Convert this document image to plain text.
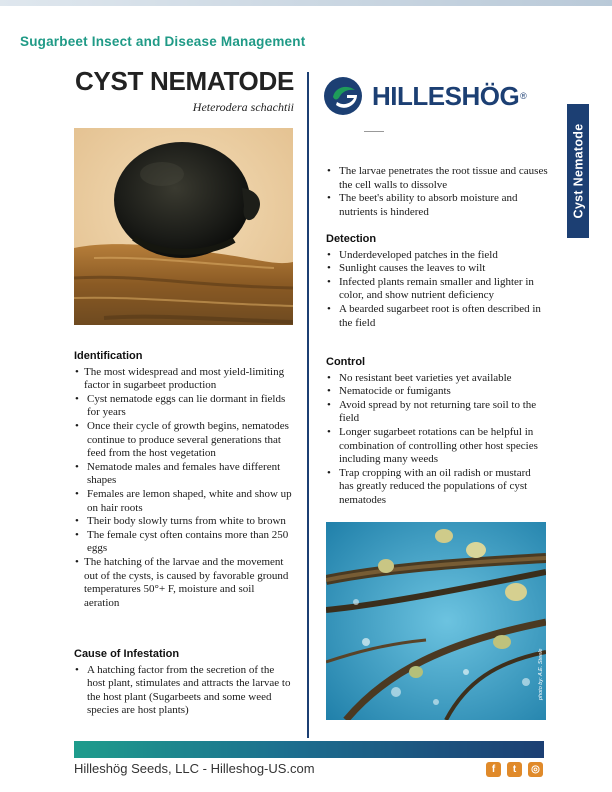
Sugarbeet Insect and Disease Management
Cyst Nematode
CYST NEMATODE
Heterodera schachtii	HILLESHÖG ®
Identification
• The most widespread and most yield-limiting factor in sugarbeet production
• Cyst nematode eggs can lie dormant in fields for years
• Once their cycle of growth begins, nematodes continue to produce several generations that feed from the host vegetation
• Nematode males and females have different shapes
• Females are lemon shaped, white and show up on hair roots
• Their body slowly turns from white to brown
• The female cyst often contains more than 250 eggs
• The hatching of the larvae and the movement out of the cysts, is caused by favorable ground temperatures 50°+ F, moisture and soil aeration
Cause of Infestation
• A hatching factor from the secretion of the host plant, stimulates and attracts the larvae to the host plant (Sugarbeets and some weed species are host plants)
• The larvae penetrates the root tissue and causes the cell walls to dissolve
• The beet's ability to absorb moisture and nutrients is hindered
Detection
• Underdeveloped patches in the field
• Sunlight causes the leaves to wilt
• Infected plants remain smaller and lighter in color, and show nutrient deficiency
• A bearded sugarbeet root is often described in the field
Control
• No resistant beet varieties yet available
• Nematocide or fumigants
• Avoid spread by not returning tare soil to the field
• Longer sugarbeet rotations can be helpful in combination of controlling other host species including many weeds
• Trap cropping with an oil radish or mustard has greatly reduced the populations of cyst nematodes
photo by: A.E. Steele
Hilleshög Seeds, LLC - Hilleshog-US.com	f	t	◎
